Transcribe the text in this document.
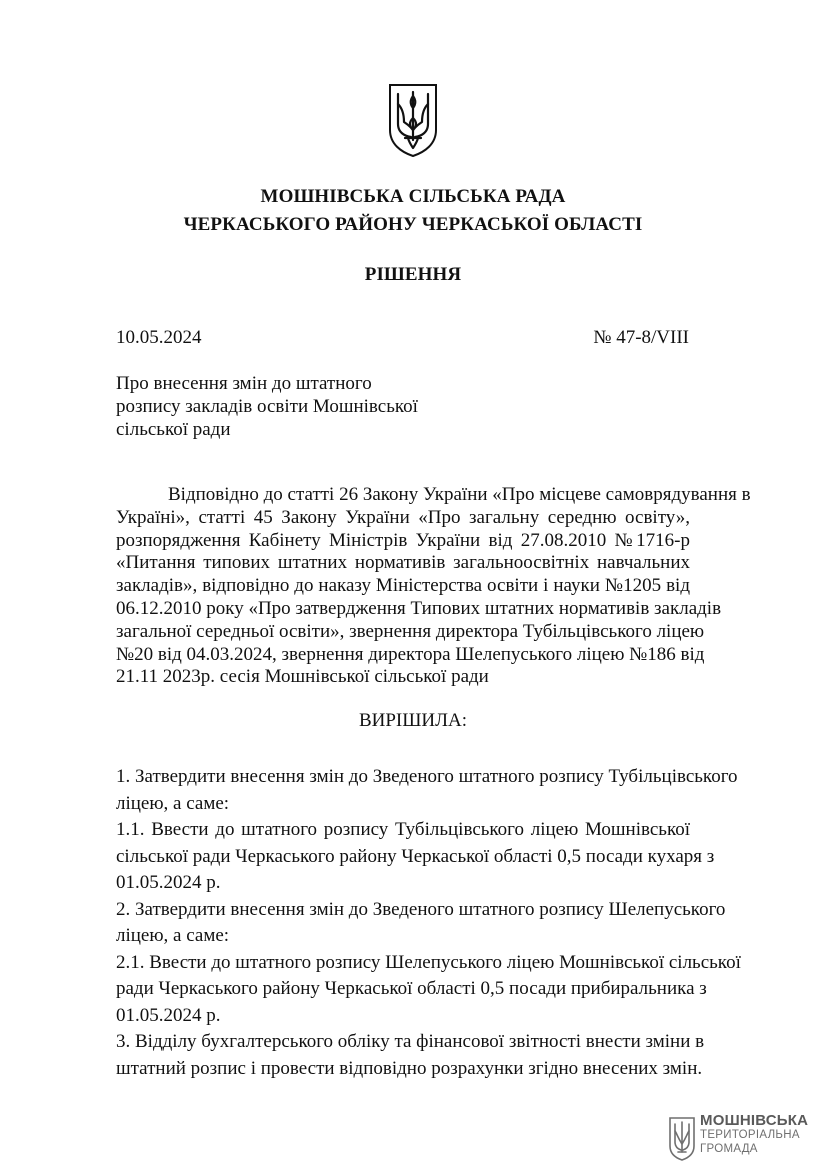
МОШНІВСЬКА СІЛЬСЬКА РАДА
ЧЕРКАСЬКОГО РАЙОНУ ЧЕРКАСЬКОЇ ОБЛАСТІ
РІШЕННЯ
10.05.2024	№ 47-8/VIII
Про внесення змін до штатного
розпису закладів освіти Мошнівської
сільської ради
Відповідно до статті 26 Закону України «Про місцеве самоврядування в
Україні», статті 45 Закону України «Про загальну середню освіту»,
розпорядження Кабінету Міністрів України від 27.08.2010 №1716-р
«Питання типових штатних нормативів загальноосвітніх навчальних
закладів», відповідно до наказу Міністерства освіти і науки №1205 від
06.12.2010 року «Про затвердження Типових штатних нормативів закладів
загальної середньої освіти», звернення директора Тубільцівського ліцею
№20 від 04.03.2024, звернення директора Шелепуського ліцею №186 від
21.11 2023р. сесія Мошнівської сільської ради
ВИРІШИЛА:
1. Затвердити внесення змін до Зведеного штатного розпису Тубільцівського
ліцею, а саме:
1.1. Ввести до штатного розпису Тубільцівського ліцею Мошнівської
сільської ради Черкаського району Черкаської області 0,5 посади кухаря з
01.05.2024 р.
2. Затвердити внесення змін до Зведеного штатного розпису Шелепуського
ліцею, а саме:
2.1. Ввести до штатного розпису Шелепуського ліцею Мошнівської сільської
ради Черкаського району Черкаської області 0,5 посади прибиральника з
01.05.2024 р.
3. Відділу бухгалтерського обліку та фінансової звітності внести зміни в
штатний розпис і провести відповідно розрахунки згідно внесених змін.
МОШНІВСЬКА
ТЕРИТОРІАЛЬНА
ГРОМАДА
